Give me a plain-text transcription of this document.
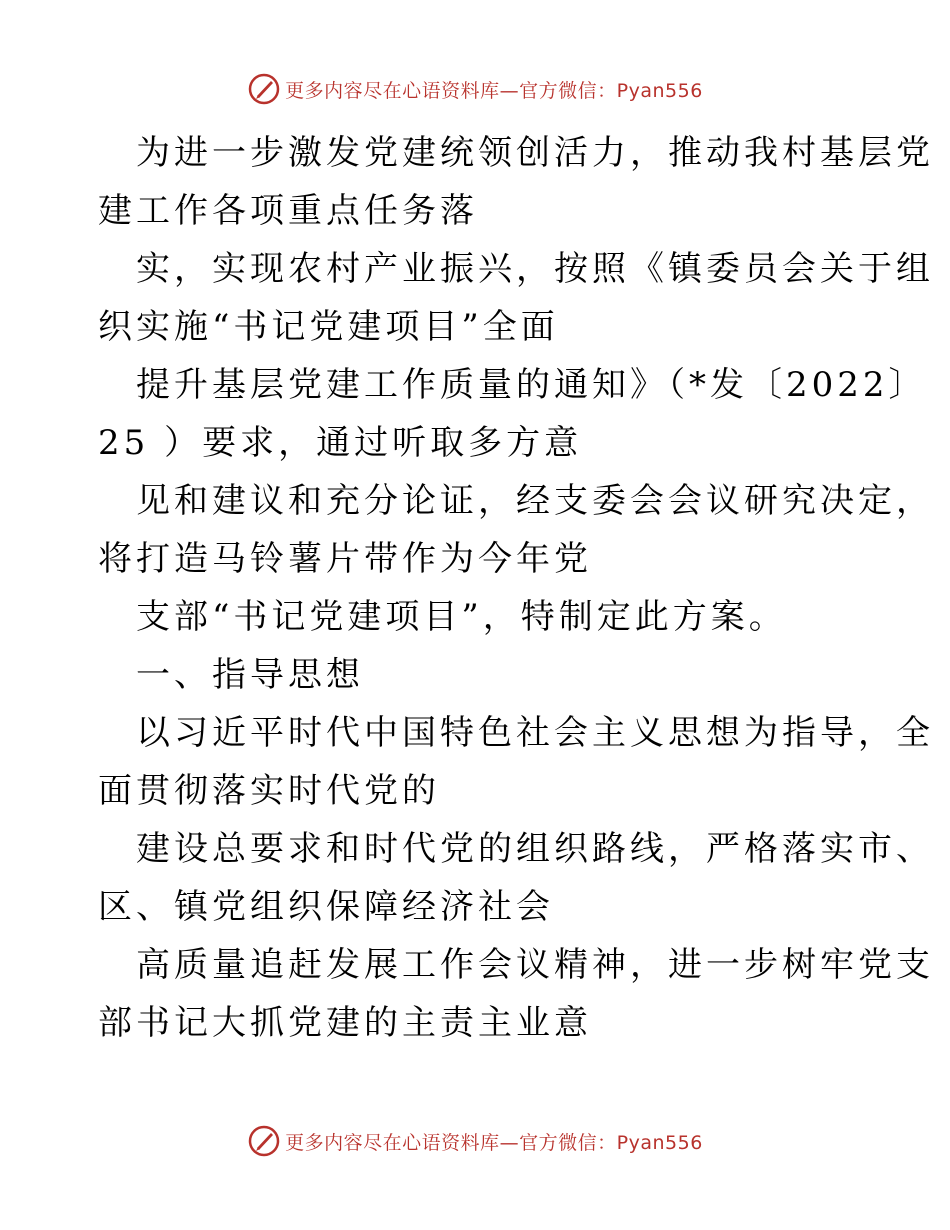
更多内容尽在心语资料库—官方微信：Pyan556
为进一步激发党建统领创活力，推动我村基层党
建工作各项重点任务落
实，实现农村产业振兴，按照《镇委员会关于组
织实施“书记党建项目”全面
提升基层党建工作质量的通知》（*发〔2022〕
25 ）要求，通过听取多方意
见和建议和充分论证，经支委会会议研究决定，
将打造马铃薯片带作为今年党
支部“书记党建项目”，特制定此方案。
一、指导思想
以习近平时代中国特色社会主义思想为指导，全
面贯彻落实时代党的
建设总要求和时代党的组织路线，严格落实市、
区、镇党组织保障经济社会
高质量追赶发展工作会议精神，进一步树牢党支
部书记大抓党建的主责主业意
更多内容尽在心语资料库—官方微信：Pyan556
